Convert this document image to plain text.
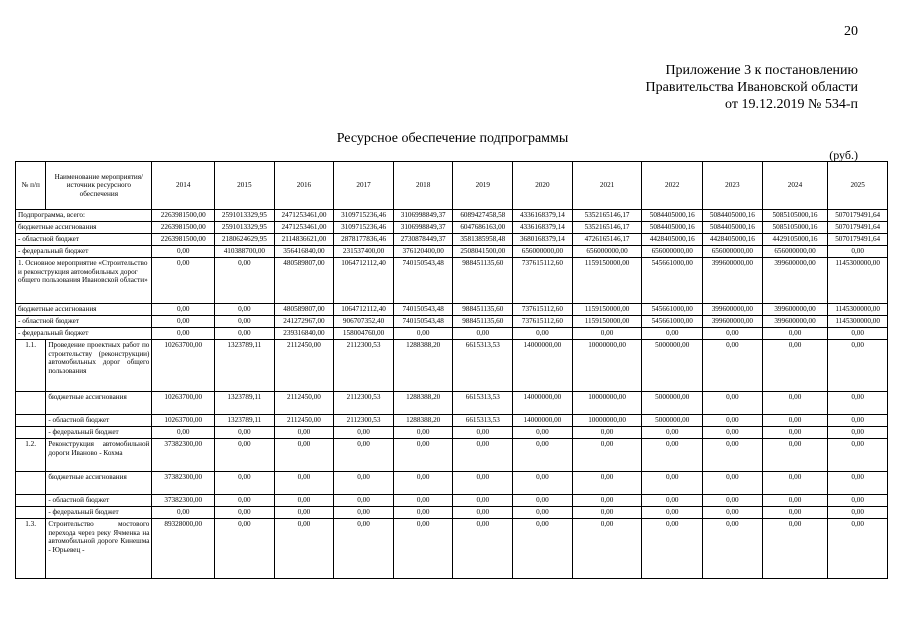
20
Приложение 3 к постановлению
Правительства Ивановской области
от 19.12.2019 № 534-п
Ресурсное обеспечение подпрограммы
(руб.)
№ п/п	Наименование мероприятия/источник ресурсного обеспечения	2014	2015	2016	2017	2018	2019	2020	2021	2022	2023	2024	2025
Подпрограмма, всего:		2263981500,00	2591013329,95	2471253461,00	3109715236,46	3106998849,37	6089427458,58	4336168379,14	5352165146,17	5084405000,16	5084405000,16	5085105000,16	5070179491,64
бюджетные ассигнования		2263981500,00	2591013329,95	2471253461,00	3109715236,46	3106998849,37	6047686163,00	4336168379,14	5352165146,17	5084405000,16	5084405000,16	5085105000,16	5070179491,64
- областной бюджет		2263981500,00	2180624629,95	2114836621,00	2878177836,46	2730878449,37	3581385958,48	3680168379,14	4726165146,17	4428405000,16	4428405000,16	4429105000,16	5070179491,64
- федеральный бюджет		0,00	410388700,00	356416840,00	231537400,00	376120400,00	2508041500,00	656000000,00	656000000,00	656000000,00	656000000,00	656000000,00	0,00
1. Основное мероприятие «Строительство и реконструкция автомобильных дорог общего пользования Ивановской области»		0,00	0,00	480589807,00	1064712112,40	740150543,48	988451135,60	737615112,60	1159150000,00	545661000,00	399600000,00	399600000,00	1145300000,00
бюджетные ассигнования		0,00	0,00	480589807,00	1064712112,40	740150543,48	988451135,60	737615112,60	1159150000,00	545661000,00	399600000,00	399600000,00	1145300000,00
- областной бюджет		0,00	0,00	241272967,00	906707352,40	740150543,48	988451135,60	737615112,60	1159150000,00	545661000,00	399600000,00	399600000,00	1145300000,00
- федеральный бюджет		0,00	0,00	239316840,00	158004760,00	0,00	0,00	0,00	0,00	0,00	0,00	0,00	0,00
1.1.	Проведение проектных работ по строительству (реконструкции) автомобильных дорог общего пользования	10263700,00	1323789,11	2112450,00	2112300,53	1288388,20	6615313,53	14000000,00	10000000,00	5000000,00	0,00	0,00	0,00
	бюджетные ассигнования	10263700,00	1323789,11	2112450,00	2112300,53	1288388,20	6615313,53	14000000,00	10000000,00	5000000,00	0,00	0,00	0,00
	- областной бюджет	10263700,00	1323789,11	2112450,00	2112300,53	1288388,20	6615313,53	14000000,00	10000000,00	5000000,00	0,00	0,00	0,00
	- федеральный бюджет	0,00	0,00	0,00	0,00	0,00	0,00	0,00	0,00	0,00	0,00	0,00	0,00
1.2.	Реконструкция автомобильной дороги Иваново - Кохма	37382300,00	0,00	0,00	0,00	0,00	0,00	0,00	0,00	0,00	0,00	0,00	0,00
	бюджетные ассигнования	37382300,00	0,00	0,00	0,00	0,00	0,00	0,00	0,00	0,00	0,00	0,00	0,00
	- областной бюджет	37382300,00	0,00	0,00	0,00	0,00	0,00	0,00	0,00	0,00	0,00	0,00	0,00
	- федеральный бюджет	0,00	0,00	0,00	0,00	0,00	0,00	0,00	0,00	0,00	0,00	0,00	0,00
1.3.	Строительство мостового перехода через реку Ячменка на автомобильной дороге Кинешма - Юрьевец -	89328000,00	0,00	0,00	0,00	0,00	0,00	0,00	0,00	0,00	0,00	0,00	0,00
